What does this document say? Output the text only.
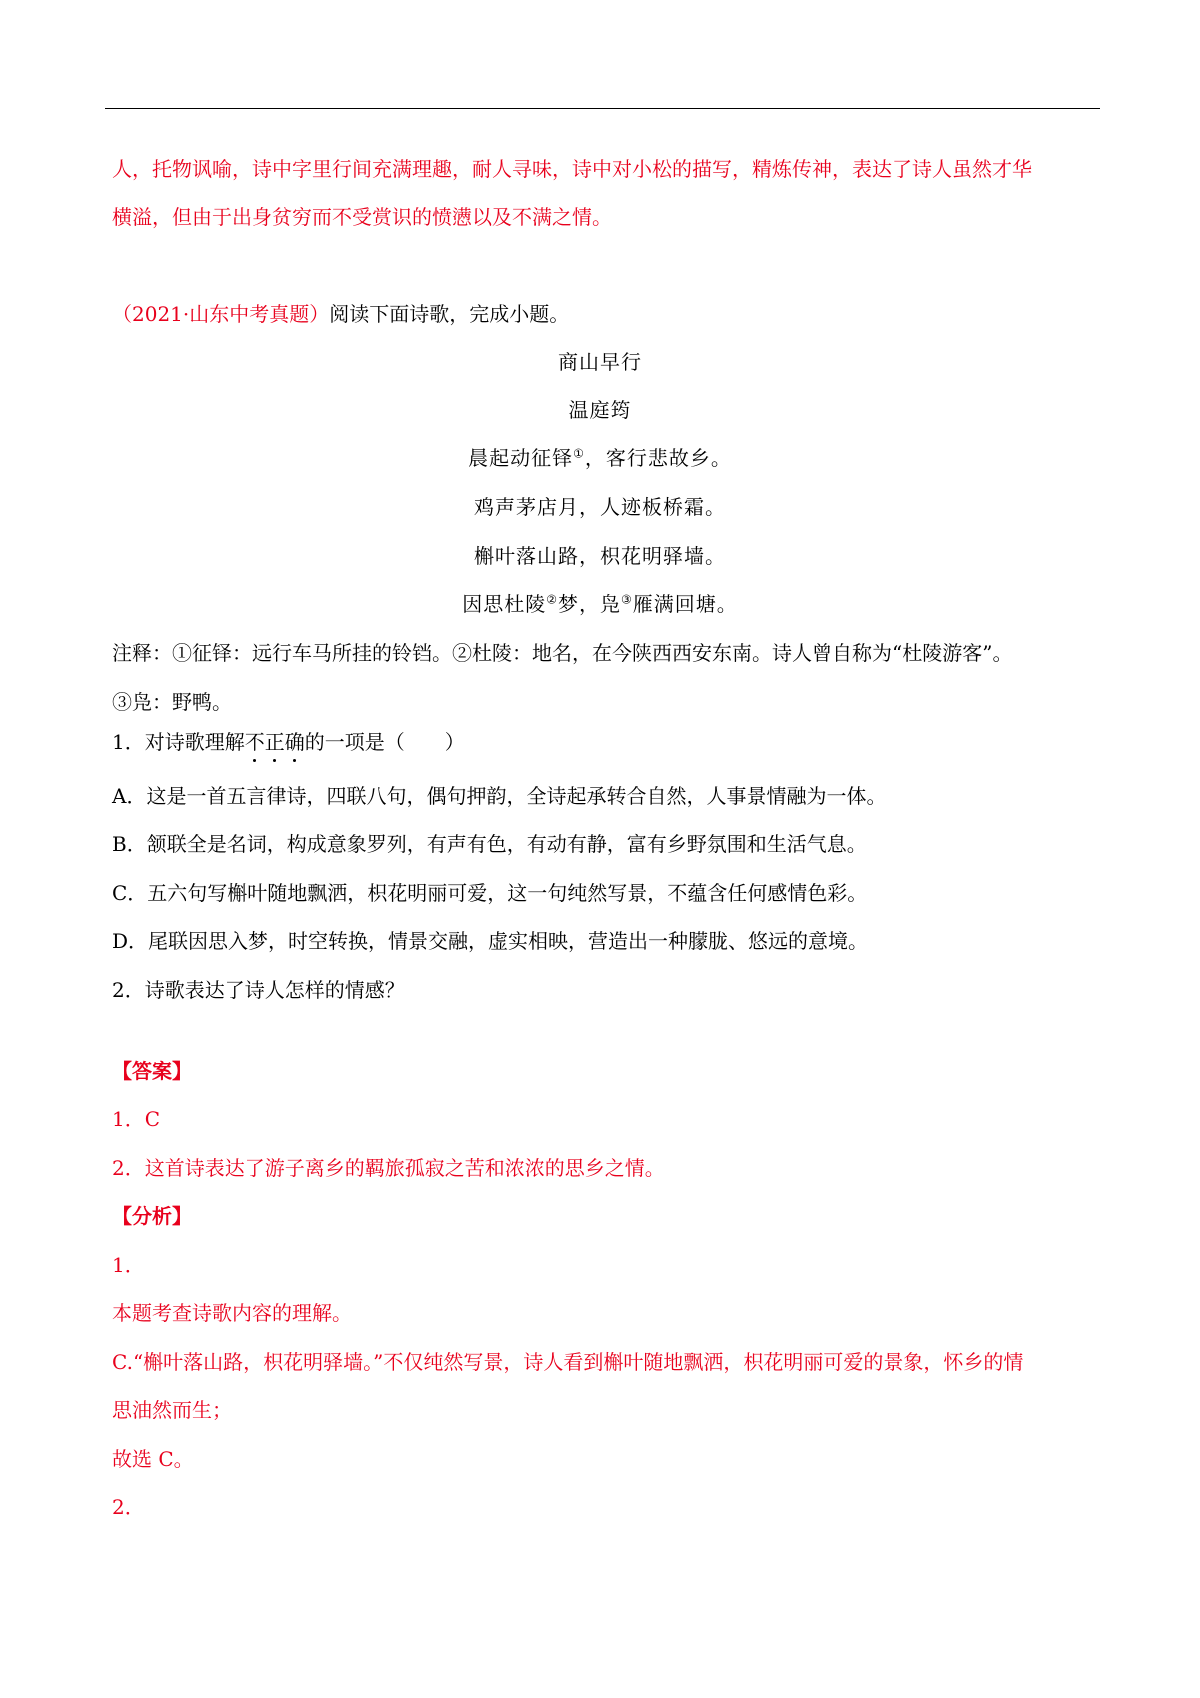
人，托物讽喻，诗中字里行间充满理趣，耐人寻味，诗中对小松的描写，精炼传神，表达了诗人虽然才华
横溢，但由于出身贫穷而不受赏识的愤懑以及不满之情。
（2021·山东中考真题）阅读下面诗歌，完成小题。
商山早行
温庭筠
晨起动征铎①，客行悲故乡。
鸡声茅店月，人迹板桥霜。
槲叶落山路，枳花明驿墙。
因思杜陵②梦，凫③雁满回塘。
注释：①征铎：远行车马所挂的铃铛。②杜陵：地名，在今陕西西安东南。诗人曾自称为“杜陵游客”。
③凫：野鸭。
1．对诗歌理解不正确的一项是（　　）
A．这是一首五言律诗，四联八句，偶句押韵，全诗起承转合自然，人事景情融为一体。
B．颔联全是名词，构成意象罗列，有声有色，有动有静，富有乡野氛围和生活气息。
C．五六句写槲叶随地飘洒，枳花明丽可爱，这一句纯然写景，不蕴含任何感情色彩。
D．尾联因思入梦，时空转换，情景交融，虚实相映，营造出一种朦胧、悠远的意境。
2．诗歌表达了诗人怎样的情感？
【答案】
1．C
2．这首诗表达了游子离乡的羁旅孤寂之苦和浓浓的思乡之情。
【分析】
1．
本题考查诗歌内容的理解。
C.“槲叶落山路，枳花明驿墙。”不仅纯然写景，诗人看到槲叶随地飘洒，枳花明丽可爱的景象，怀乡的情
思油然而生；
故选 C。
2．
